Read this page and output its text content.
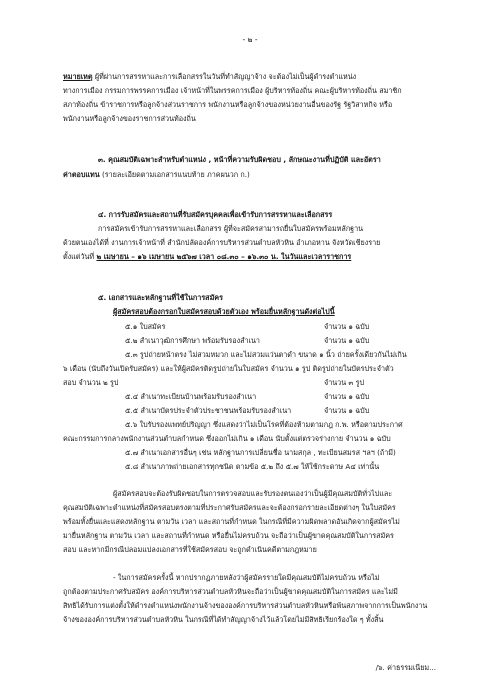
- ๒ -
หมายเหตุ ผู้ที่ผ่านการสรรหาและการเลือกสรรในวันที่ทำสัญญาจ้าง จะต้องไม่เป็นผู้ดำรงตำแหน่ง
ทางการเมือง กรรมการพรรคการเมือง เจ้าหน้าที่ในพรรคการเมือง ผู้บริหารท้องถิ่น คณะผู้บริหารท้องถิ่น สมาชิก
สภาท้องถิ่น ข้าราชการหรือลูกจ้างส่วนราชการ พนักงานหรือลูกจ้างของหน่วยงานอื่นของรัฐ รัฐวิสาหกิจ หรือ
พนักงานหรือลูกจ้างของราชการส่วนท้องถิ่น
๓. คุณสมบัติเฉพาะสำหรับตำแหน่ง , หน้าที่ความรับผิดชอบ , ลักษณะงานที่ปฏิบัติ และอัตรา
ค่าตอบแทน (รายละเอียดตามเอกสารแนบท้าย ภาคผนวก ก.)
๔. การรับสมัครและสถานที่รับสมัครบุคคลเพื่อเข้ารับการสรรหาและเลือกสรร
การสมัครเข้ารับการสรรหาและเลือกสรร ผู้ที่จะสมัครสามารถยื่นใบสมัครพร้อมหลักฐาน
ด้วยตนเองได้ที่ งานการเจ้าหน้าที่ สำนักปลัดองค์การบริหารส่วนตำบลหัวหิน อำเภอหาน จังหวัดเชียงราย
ตั้งแต่วันที่ ๒ เมษายน – ๑๖ เมษายน ๒๕๖๗ เวลา ๐๘.๓๐ – ๑๖.๓๐ น. ในวันและเวลาราชการ
๕. เอกสารและหลักฐานที่ใช้ในการสมัคร
ผู้สมัครสอบต้องกรอกใบสมัครสอบด้วยตัวเอง พร้อมยื่นหลักฐานดังต่อไปนี้
๕.๑ ใบสมัคร	จำนวน ๑ ฉบับ
๕.๒ สำเนาวุฒิการศึกษา พร้อมรับรองสำเนา	จำนวน ๑ ฉบับ
๕.๓ รูปถ่ายหน้าตรง ไม่สวมหมวก และไม่สวมแว่นตาดำ ขนาด ๑ นิ้ว ถ่ายครั้งเดียวกันไม่เกิน
๖ เดือน (นับถึงวันเปิดรับสมัคร) และให้ผู้สมัครติดรูปถ่ายในใบสมัคร จำนวน ๑ รูป ติดรูปถ่ายในบัตรประจำตัว
สอบ จำนวน ๒ รูป	จำนวน ๓ รูป
๕.๔ สำเนาทะเบียนบ้านพร้อมรับรองสำเนา	จำนวน ๑ ฉบับ
๕.๕ สำเนาบัตรประจำตัวประชาชนพร้อมรับรองสำเนา	จำนวน ๑ ฉบับ
๕.๖ ใบรับรองแพทย์ปริญญา ซึ่งแสดงว่าไม่เป็นโรคที่ต้องห้ามตามกฎ ก.พ. หรือตามประกาศ
คณะกรรมการกลางพนักงานส่วนตำบลกำหนด ซึ่งออกไม่เกิน ๑ เดือน นับตั้งแต่ตรวจร่างกาย จำนวน ๑ ฉบับ
๕.๗ สำเนาเอกสารอื่นๆ เช่น หลักฐานการเปลี่ยนชื่อ นามสกุล , ทะเบียนสมรส ฯลฯ (ถ้ามี)
๕.๘ สำเนาภาพถ่ายเอกสารทุกชนิด ตามข้อ ๕.๒ ถึง ๕.๗ ให้ใช้กระดาษ A๔ เท่านั้น
ผู้สมัครสอบจะต้องรับผิดชอบในการตรวจสอบและรับรองตนเองว่าเป็นผู้มีคุณสมบัติทั่วไปและ
คุณสมบัติเฉพาะตำแหน่งที่สมัครสอบตรงตามที่ประกาศรับสมัครและจะต้องกรอกรายละเอียดต่างๆ ในใบสมัคร
พร้อมทั้งยื่นและแสดงหลักฐาน ตามวัน เวลา และสถานที่กำหนด ในกรณีที่มีความผิดพลาดอันเกิดจากผู้สมัครไม่
มายื่นหลักฐาน ตามวัน เวลา และสถานที่กำหนด หรือยื่นไม่ครบถ้วน จะถือว่าเป็นผู้ขาดคุณสมบัติในการสมัคร
สอบ และหากมีกรณีปลอมแปลงเอกสารที่ใช้สมัครสอบ จะถูกดำเนินคดีตามกฎหมาย
- ในการสมัครครั้งนี้ หากปรากฏภายหลังว่าผู้สมัครรายใดมีคุณสมบัติไม่ครบถ้วน หรือไม่
ถูกต้องตามประกาศรับสมัคร องค์การบริหารส่วนตำบลหัวหินจะถือว่าเป็นผู้ขาดคุณสมบัติในการสมัคร และไม่มี
สิทธิได้รับการแต่งตั้งให้ดำรงตำแหน่งพนักงานจ้างขององค์การบริหารส่วนตำบลหัวหินหรือพ้นสภาพจากการเป็นพนักงาน
จ้างขององค์การบริหารส่วนตำบลหัวหิน ในกรณีที่ได้ทำสัญญาจ้างไว้แล้วโดยไม่มีสิทธิเรียกร้องใด ๆ ทั้งสิ้น
/๖. ค่าธรรมเนียม...
